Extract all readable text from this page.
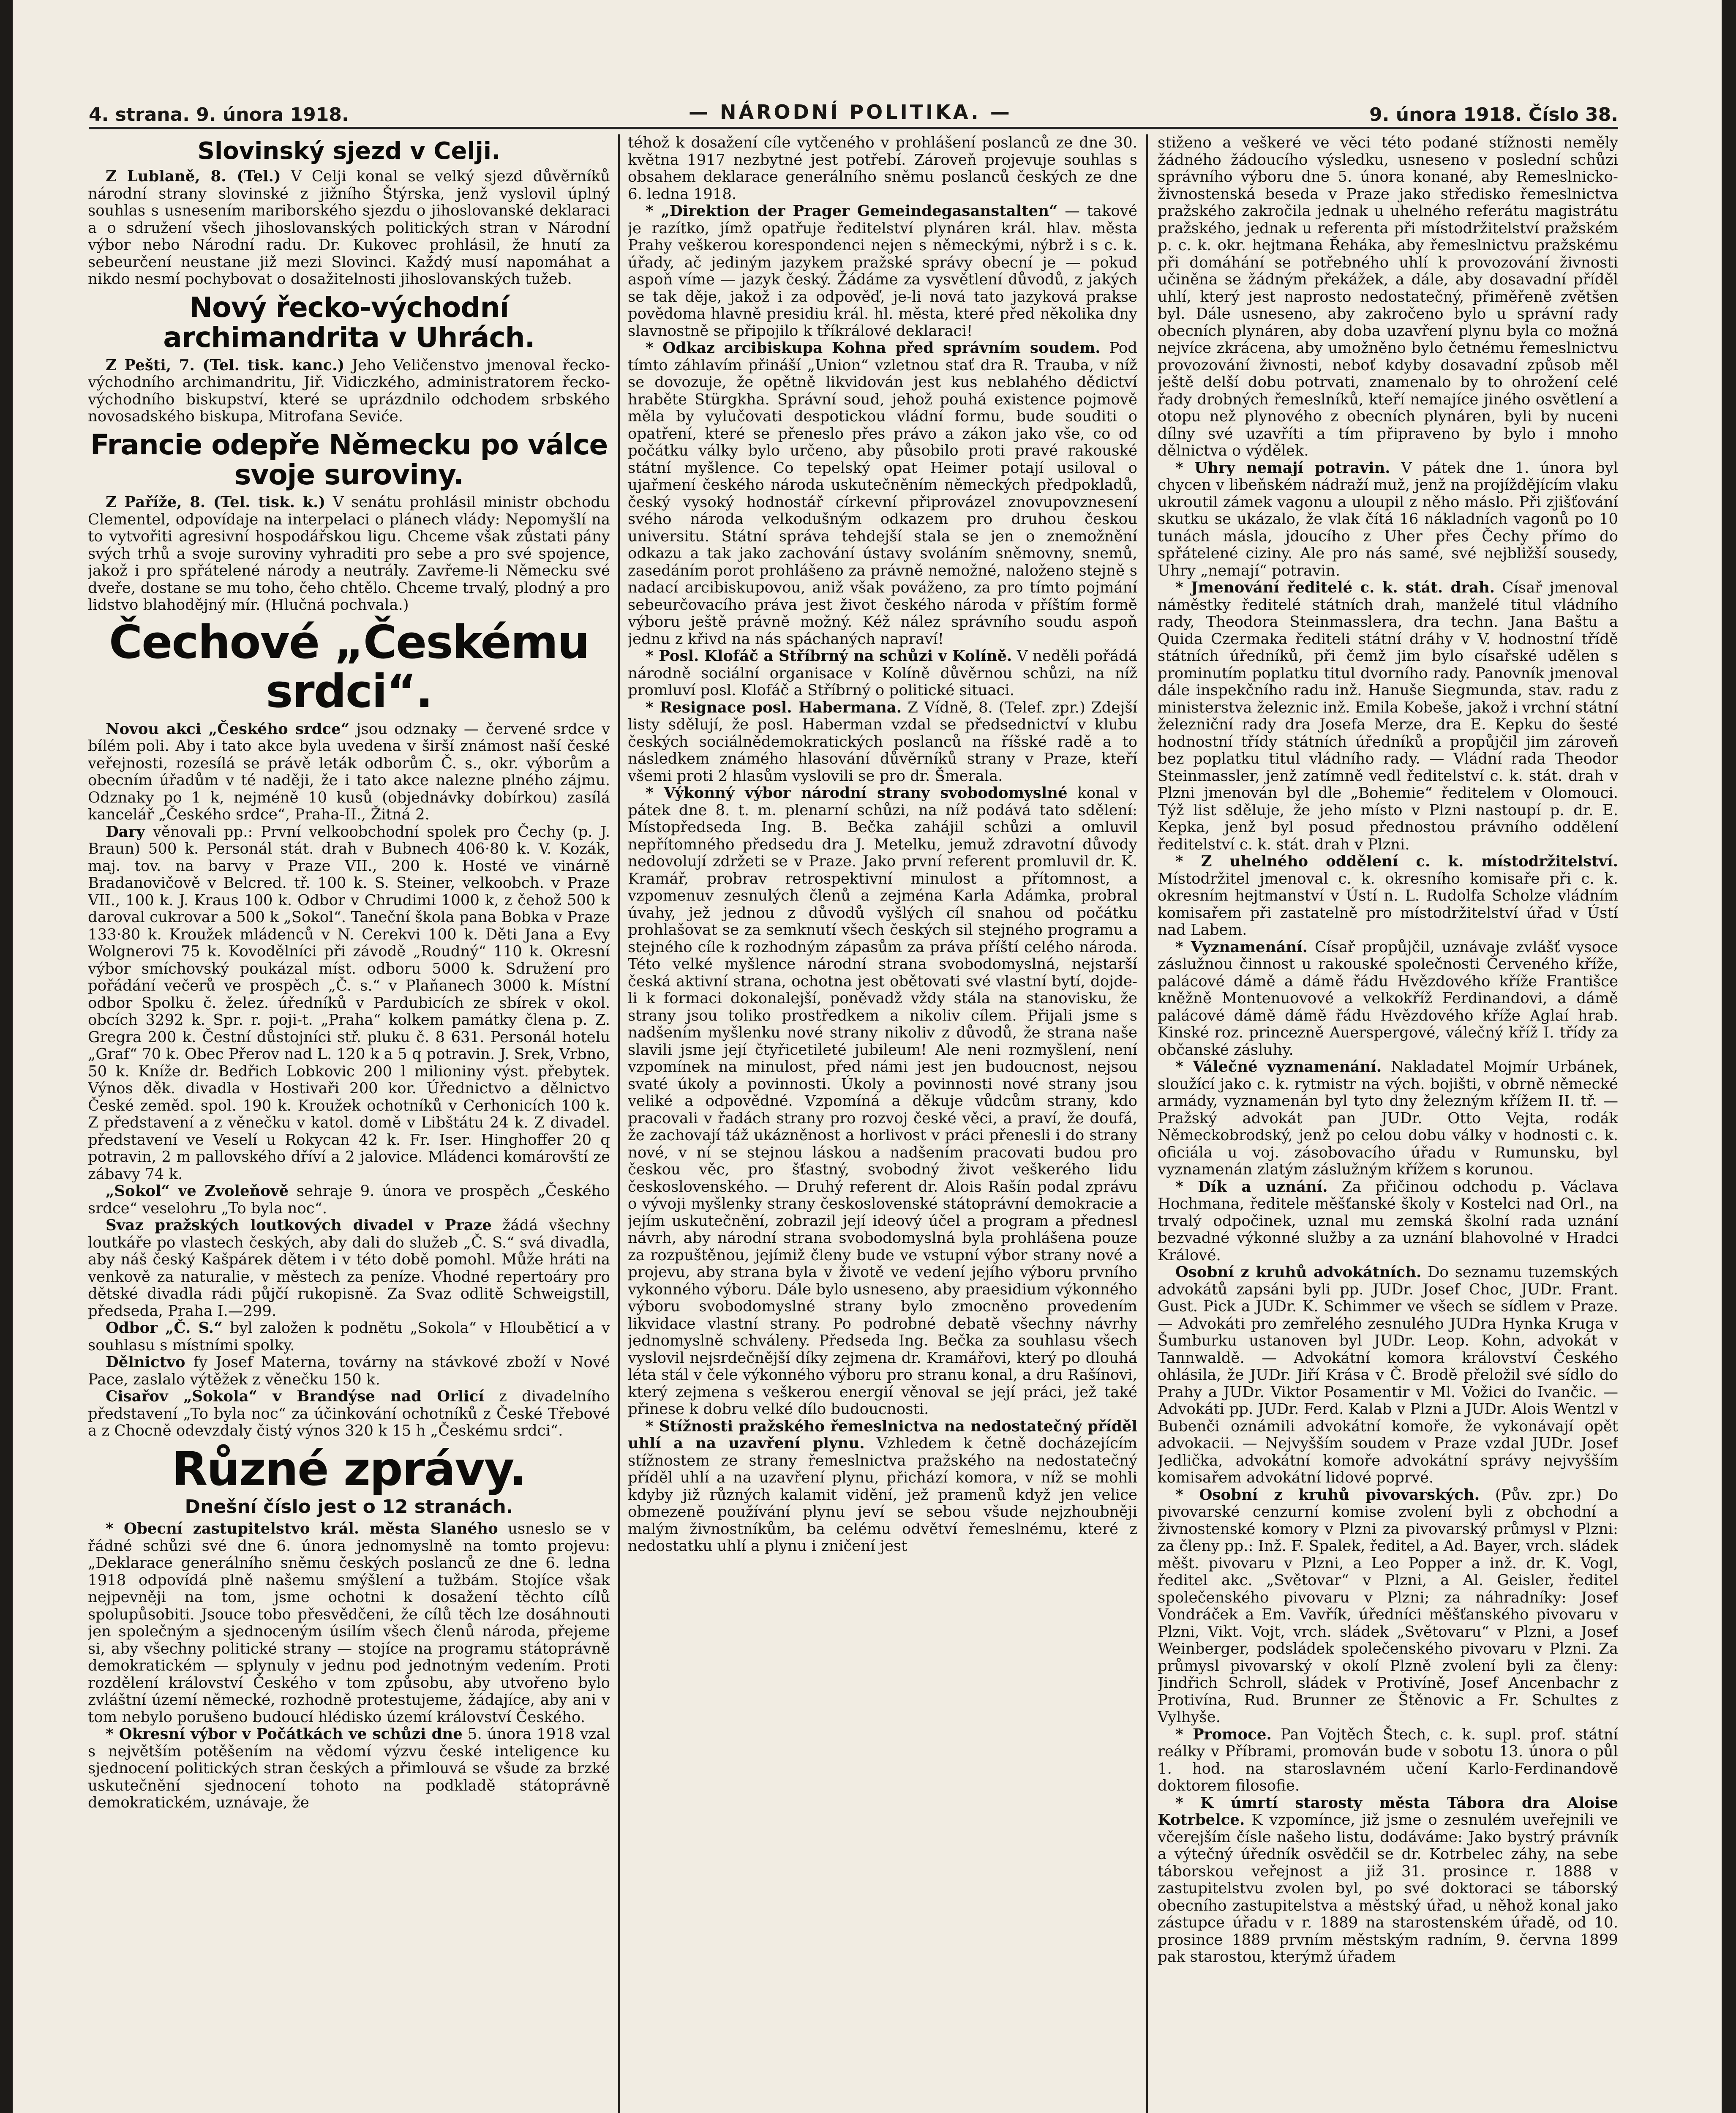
4. strana. 9. února 1918.	— NÁRODNÍ POLITIKA. —	9. února 1918. Číslo 38.
Slovinský sjezd v Celji.

Z Lublaně, 8. (Tel.) V Celji konal se velký sjezd důvěrníků národní strany slovinské z jižního Štýrska, jenž vyslovil úplný souhlas s usnesením mariborského sjezdu o jihoslovanské deklaraci a o sdružení všech jihoslovanských politických stran v Národní výbor nebo Národní radu. Dr. Kukovec prohlásil, že hnutí za sebeurčení neustane již mezi Slovinci. Každý musí napomáhat a nikdo nesmí pochybovat o dosažitelnosti jihoslovanských tužeb.

Nový řecko-východní archimandrita v Uhrách.

Z Pešti, 7. (Tel. tisk. kanc.) Jeho Veličenstvo jmenoval řecko-východního archimandritu, Jiř. Vidiczkého, administratorem řecko-východního biskupství, které se uprázdnilo odchodem srbského novosadského biskupa, Mitrofana Seviće.

Francie odepře Německu po válce svoje suroviny.

Z Paříže, 8. (Tel. tisk. k.) V senátu prohlásil ministr obchodu Clementel, odpovídaje na interpelaci o plánech vlády: Nepomyšlí na to vytvořiti agresivní hospodářskou ligu. Chceme však zůstati pány svých trhů a svoje suroviny vyhraditi pro sebe a pro své spojence, jakož i pro spřátelené národy a neutrály. Zavřeme-li Německu své dveře, dostane se mu toho, čeho chtělo. Chceme trvalý, plodný a pro lidstvo blahodějný mír. (Hlučná pochvala.)

Čechové „Českému srdci“.

Novou akci „Českého srdce“ jsou odznaky — červené srdce v bílém poli. Aby i tato akce byla uvedena v širší známost naší české veřejnosti, rozesílá se právě leták odborům Č. s., okr. výborům a obecním úřadům v té naději, že i tato akce nalezne plného zájmu. Odznaky po 1 k, nejméně 10 kusů (objednávky dobírkou) zasílá kancelář „Českého srdce“, Praha-II., Žitná 2.

Dary věnovali pp.: První velkoobchodní spolek pro Čechy (p. J. Braun) 500 k. Personál stát. drah v Bubnech 406·80 k. V. Kozák, maj. tov. na barvy v Praze VII., 200 k. Hosté ve vinárně Bradanovičově v Belcred. tř. 100 k. S. Steiner, velkoobch. v Praze VII., 100 k. J. Kraus 100 k. Odbor v Chrudimi 1000 k, z čehož 500 k daroval cukrovar a 500 k „Sokol“. Taneční škola pana Bobka v Praze 133·80 k. Kroužek mládenců v N. Cerekvi 100 k. Děti Jana a Evy Wolgnerovi 75 k. Kovodělníci při závodě „Roudný“ 110 k. Okresní výbor smíchovský poukázal míst. odboru 5000 k. Sdružení pro pořádání večerů ve prospěch „Č. s.“ v Plaňanech 3000 k. Místní odbor Spolku č. želez. úředníků v Pardubicích ze sbírek v okol. obcích 3292 k. Spr. r. poji-t. „Praha“ kolkem památky člena p. Z. Gregra 200 k. Čestní důstojníci stř. pluku č. 8 631. Personál hotelu „Graf“ 70 k. Obec Přerov nad L. 120 k a 5 q potravin. J. Srek, Vrbno, 50 k. Kníže dr. Bedřich Lobkovic 200 l milioniny výst. přebytek. Výnos děk. divadla v Hostivaři 200 kor. Úřednictvo a dělnictvo České zeměd. spol. 190 k. Kroužek ochotníků v Cerhonicích 100 k. Z představení a z věnečku v katol. domě v Libštátu 24 k. Z divadel. představení ve Veselí u Rokycan 42 k. Fr. Iser. Hinghoffer 20 q potravin, 2 m pallovského dříví a 2 jalovice. Mládenci komárovští ze zábavy 74 k.

„Sokol“ ve Zvoleňově sehraje 9. února ve prospěch „Českého srdce“ veselohru „To byla noc“.

Svaz pražských loutkových divadel v Praze žádá všechny loutkáře po vlastech českých, aby dali do služeb „Č. S.“ svá divadla, aby náš český Kašpárek dětem i v této době pomohl. Může hráti na venkově za naturalie, v městech za peníze. Vhodné repertoáry pro dětské divadla rádi půjčí rukopisně. Za Svaz odlitě Schweigstill, předseda, Praha I.—299.

Odbor „Č. S.“ byl založen k podnětu „Sokola“ v Hlouběticí a v souhlasu s místními spolky.

Dělnictvo fy Josef Materna, továrny na stávkové zboží v Nové Pace, zaslalo výtěžek z věnečku 150 k.

Cisařov „Sokola“ v Brandýse nad Orlicí z divadelního představení „To byla noc“ za účinkování ochotníků z České Třebové a z Chocně odevzdaly čistý výnos 320 k 15 h „Českému srdci“.

Různé zprávy.
Dnešní číslo jest o 12 stranách.

* Obecní zastupitelstvo král. města Slaného usneslo se v řádné schůzi své dne 6. února jednomyslně na tomto projevu: „Deklarace generálního sněmu českých poslanců ze dne 6. ledna 1918 odpovídá plně našemu smýšlení a tužbám. Stojíce však nejpevněji na tom, jsme ochotni k dosažení těchto cílů spolupůsobiti. Jsouce tobo přesvědčeni, že cílů těch lze dosáhnouti jen společným a sjednoceným úsilím všech členů národa, přejeme si, aby všechny politické strany — stojíce na programu státoprávně demokratickém — splynuly v jednu pod jednotným vedením. Proti rozdělení království Českého v tom způsobu, aby utvořeno bylo zvláštní území německé, rozhodně protestujeme, žádajíce, aby ani v tom nebylo porušeno budoucí hlédisko území království Českého.

* Okresní výbor v Počátkách ve schůzi dne 5. února 1918 vzal s největším potěšením na vědomí výzvu české inteligence ku sjednocení politických stran českých a přimlouvá se všude za brzké uskutečnění sjednocení tohoto na podkladě státoprávně demokratickém, uznávaje, že

téhož k dosažení cíle vytčeného v prohlášení poslanců ze dne 30. května 1917 nezbytné jest potřebí. Zároveň projevuje souhlas s obsahem deklarace generálního sněmu poslanců českých ze dne 6. ledna 1918.

* „Direktion der Prager Gemeindegasanstalten“ — takové je razítko, jímž opatřuje ředitelství plynáren král. hlav. města Prahy veškerou korespondenci nejen s německými, nýbrž i s c. k. úřady, ač jediným jazykem pražské správy obecní je — pokud aspoň víme — jazyk český. Žádáme za vysvětlení důvodů, z jakých se tak děje, jakož i za odpověď, je-li nová tato jazyková prakse povědoma hlavně presidiu král. hl. města, které před několika dny slavnostně se připojilo k tříkrálové deklaraci!

* Odkaz arcibiskupa Kohna před správním soudem. Pod tímto záhlavím přináší „Union“ vzletnou stať dra R. Trauba, v níž se dovozuje, že opětně likvidován jest kus neblahého dědictví hraběte Stürgkha. Správní soud, jehož pouhá existence pojmově měla by vylučovati despotickou vládní formu, bude souditi o opatření, které se přeneslo přes právo a zákon jako vše, co od počátku války bylo určeno, aby působilo proti pravé rakouské státní myšlence. Co tepelský opat Heimer potají usiloval o ujařmení českého národa uskutečněním německých předpokladů, český vysoký hodnostář církevní připrovázel znovupovznesení svého národa velkodušným odkazem pro druhou českou universitu. Státní správa tehdejší stala se jen o znemožnění odkazu a tak jako zachování ústavy svoláním sněmovny, snemů, zasedáním porot prohlášeno za právně nemožné, naloženo stejně s nadací arcibiskupovou, aniž však pováženo, za pro tímto pojmání sebeurčovacího práva jest život českého národa v příštím formě výboru ještě právně možný. Kéž nález správního soudu aspoň jednu z křivd na nás spáchaných napraví!

* Posl. Klofáč a Stříbrný na schůzi v Kolíně. V neděli pořádá národně sociální organisace v Kolíně důvěrnou schůzi, na níž promluví posl. Klofáč a Stříbrný o politické situaci.

* Resignace posl. Habermana. Z Vídně, 8. (Telef. zpr.) Zdejší listy sdělují, že posl. Haberman vzdal se předsednictví v klubu českých sociálnědemokratických poslanců na říšské radě a to následkem známého hlasování důvěrníků strany v Praze, kteří všemi proti 2 hlasům vyslovili se pro dr. Šmerala.

* Výkonný výbor národní strany svobodomyslné konal v pátek dne 8. t. m. plenarní schůzi, na níž podává tato sdělení: Místopředseda Ing. B. Bečka zahájil schůzi a omluvil nepřítomného předsedu dra J. Metelku, jemuž zdravotní důvody nedovolují zdržeti se v Praze. Jako první referent promluvil dr. K. Kramář, probrav retrospektivní minulost a přítomnost, a vzpomenuv zesnulých členů a zejména Karla Adámka, probral úvahy, jež jednou z důvodů vyšlých cíl snahou od počátku prohlašovat se za semknutí všech českých sil stejného programu a stejného cíle k rozhodným zápasům za práva příští celého národa. Této velké myšlence národní strana svobodomyslná, nejstarší česká aktivní strana, ochotna jest obětovati své vlastní bytí, dojde-li k formaci dokonalejší, poněvadž vždy stála na stanovisku, že strany jsou toliko prostředkem a nikoliv cílem. Přijali jsme s nadšením myšlenku nové strany nikoliv z důvodů, že strana naše slavili jsme její čtyřicetileté jubileum! Ale neni rozmyšlení, není vzpomínek na minulost, před námi jest jen budoucnost, nejsou svaté úkoly a povinnosti. Úkoly a povinnosti nové strany jsou veliké a odpovědné. Vzpomíná a děkuje vůdcům strany, kdo pracovali v řadách strany pro rozvoj české věci, a praví, že doufá, že zachovají táž ukázněnost a horlivost v práci přenesli i do strany nové, v ní se stejnou láskou a nadšením pracovati budou pro českou věc, pro šťastný, svobodný život veškerého lidu československého. — Druhý referent dr. Alois Rašín podal zprávu o vývoji myšlenky strany československé státoprávní demokracie a jejím uskutečnění, zobrazil její ideový účel a program a přednesl návrh, aby národní strana svobodomyslná byla prohlášena pouze za rozpuštěnou, jejímiž členy bude ve vstupní výbor strany nové a projevu, aby strana byla v životě ve vedení jejího výboru prvního vykonného výboru. Dále bylo usneseno, aby praesidium výkonného výboru svobodomyslné strany bylo zmocněno provedením likvidace vlastní strany. Po podrobné debatě všechny návrhy jednomyslně schváleny. Předseda Ing. Bečka za souhlasu všech vyslovil nejsrdečnější díky zejmena dr. Kramářovi, který po dlouhá léta stál v čele výkonného výboru pro stranu konal, a dru Rašínovi, který zejmena s veškerou energií věnoval se její práci, jež také přinese k dobru velké dílo budoucnosti.

* Stížnosti pražského řemeslnictva na nedostatečný příděl uhlí a na uzavření plynu. Vzhledem k četně docházejícím stížnostem ze strany řemeslnictva pražského na nedostatečný příděl uhlí a na uzavření plynu, přichází komora, v níž se mohli kdyby již různých kalamit vidění, jež pramenů když jen velice obmezeně používání plynu jeví se sebou všude nejzhoubněji malým živnostníkům, ba celému odvětví řemeslnému, které z nedostatku uhlí a plynu i zničení jest

stiženo a veškeré ve věci této podané stížnosti neměly žádného žádoucího výsledku, usneseno v poslední schůzi správního výboru dne 5. února konané, aby Remeslnicko-živnostenská beseda v Praze jako středisko řemeslnictva pražského zakročila jednak u uhelného referátu magistrátu pražského, jednak u referenta při místodržitelství pražském p. c. k. okr. hejtmana Řeháka, aby řemeslnictvu pražskému při domáhání se potřebného uhlí k provozování živnosti učiněna se žádným překážek, a dále, aby dosavadní příděl uhlí, který jest naprosto nedostatečný, přiměřeně zvětšen byl. Dále usneseno, aby zakročeno bylo u správní rady obecních plynáren, aby doba uzavření plynu byla co možná nejvíce zkrácena, aby umožněno bylo četnému řemeslnictvu provozování živnosti, neboť kdyby dosavadní způsob měl ještě delší dobu potrvati, znamenalo by to ohrožení celé řady drobných řemeslníků, kteří nemajíce jiného osvětlení a otopu než plynového z obecních plynáren, byli by nuceni dílny své uzavříti a tím připraveno by bylo i mnoho dělnictva o výdělek.

* Uhry nemají potravin. V pátek dne 1. února byl chycen v libeňském nádraží muž, jenž na projíždějícím vlaku ukroutil zámek vagonu a uloupil z něho máslo. Při zjišťování skutku se ukázalo, že vlak čítá 16 nákladních vagonů po 10 tunách másla, jdoucího z Uher přes Čechy přímo do spřátelené ciziny. Ale pro nás samé, své nejbližší sousedy, Uhry „nemají“ potravin.

* Jmenování ředitelé c. k. stát. drah. Císař jmenoval náměstky ředitelé státních drah, manželé titul vládního rady, Theodora Steinmasslera, dra techn. Jana Baštu a Quida Czermaka řediteli státní dráhy v V. hodnostní třídě státních úředníků, při čemž jim bylo císařské udělen s prominutím poplatku titul dvorního rady. Panovník jmenoval dále inspekčního radu inž. Hanuše Siegmunda, stav. radu z ministerstva železnic inž. Emila Kobeše, jakož i vrchní státní železniční rady dra Josefa Merze, dra E. Kepku do šesté hodnostní třídy státních úředníků a propůjčil jim zároveň bez poplatku titul vládního rady. — Vládní rada Theodor Steinmassler, jenž zatímně vedl ředitelství c. k. stát. drah v Plzni jmenován byl dle „Bohemie“ ředitelem v Olomouci. Týž list sděluje, že jeho místo v Plzni nastoupí p. dr. E. Kepka, jenž byl posud přednostou právního oddělení ředitelství c. k. stát. drah v Plzni.

* Z uhelného oddělení c. k. místodržitelství. Místodržitel jmenoval c. k. okresního komisaře při c. k. okresním hejtmanství v Ústí n. L. Rudolfa Scholze vládním komisařem při zastatelně pro místodržitelství úřad v Ústí nad Labem.

* Vyznamenání. Císař propůjčil, uznávaje zvlášť vysoce záslužnou činnost u rakouské společnosti Červeného kříže, palácové dámě a dámě řádu Hvězdového kříže Františce kněžně Montenuovové a velkokříž Ferdinandovi, a dámě palácové dámě dámě řádu Hvězdového kříže Aglaí hrab. Kinské roz. princezně Auerspergové, válečný kříž I. třídy za občanské zásluhy.

* Válečné vyznamenání. Nakladatel Mojmír Urbánek, sloužící jako c. k. rytmistr na vých. bojišti, v obrně německé armády, vyznamenán byl tyto dny železným křížem II. tř. — Pražský advokát pan JUDr. Otto Vejta, rodák Německobrodský, jenž po celou dobu války v hodnosti c. k. oficiála u voj. zásobovacího úřadu v Rumunsku, byl vyznamenán zlatým záslužným křížem s korunou.

* Dík a uznání. Za přičinou odchodu p. Václava Hochmana, ředitele měšťanské školy v Kostelci nad Orl., na trvalý odpočinek, uznal mu zemská školní rada uznání bezvadné výkonné služby a za uznání blahovolné v Hradci Králové.

Osobní z kruhů advokátních. Do seznamu tuzemských advokátů zapsáni byli pp. JUDr. Josef Choc, JUDr. Frant. Gust. Pick a JUDr. K. Schimmer ve všech se sídlem v Praze. — Advokáti pro zemřelého zesnulého JUDra Hynka Kruga v Šumburku ustanoven byl JUDr. Leop. Kohn, advokát v Tannwaldě. — Advokátní komora království Českého ohlásila, že JUDr. Jiří Krása v Č. Brodě přeložil své sídlo do Prahy a JUDr. Viktor Posamentir v Ml. Vožici do Ivančic. — Advokáti pp. JUDr. Ferd. Kalab v Plzni a JUDr. Alois Wentzl v Bubenči oznámili advokátní komoře, že vykonávají opět advokacii. — Nejvyšším soudem v Praze vzdal JUDr. Josef Jedlička, advokátní komoře advokátní správy nejvyšším komisařem advokátní lidové poprvé.

* Osobní z kruhů pivovarských. (Pův. zpr.) Do pivovarské cenzurní komise zvolení byli z obchodní a živnostenské komory v Plzni za pivovarský průmysl v Plzni: za členy pp.: Inž. F. Spalek, ředitel, a Ad. Bayer, vrch. sládek měšt. pivovaru v Plzni, a Leo Popper a inž. dr. K. Vogl, ředitel akc. „Světovar“ v Plzni, a Al. Geisler, ředitel společenského pivovaru v Plzni; za náhradníky: Josef Vondráček a Em. Vavřík, úředníci měšťanského pivovaru v Plzni, Vikt. Vojt, vrch. sládek „Světovaru“ v Plzni, a Josef Weinberger, podsládek společenského pivovaru v Plzni. Za průmysl pivovarský v okolí Plzně zvolení byli za členy: Jindřich Schroll, sládek v Protivíně, Josef Ancenbachr z Protivína, Rud. Brunner ze Štěnovic a Fr. Schultes z Vylhyše.

* Promoce. Pan Vojtěch Štech, c. k. supl. prof. státní reálky v Příbrami, promován bude v sobotu 13. února o půl 1. hod. na staroslavném učení Karlo-Ferdinandově doktorem filosofie.

* K úmrtí starosty města Tábora dra Aloise Kotrbelce. K vzpomínce, již jsme o zesnulém uveřejnili ve včerejším čísle našeho listu, dodáváme: Jako bystrý právník a výtečný úředník osvědčil se dr. Kotrbelec záhy, na sebe táborskou veřejnost a již 31. prosince r. 1888 v zastupitelstvu zvolen byl, po své doktoraci se táborský obecního zastupitelstva a městský úřad, u něhož konal jako zástupce úřadu v r. 1889 na starostenském úřadě, od 10. prosince 1889 prvním městským radním, 9. června 1899 pak starostou, kterýmž úřadem
